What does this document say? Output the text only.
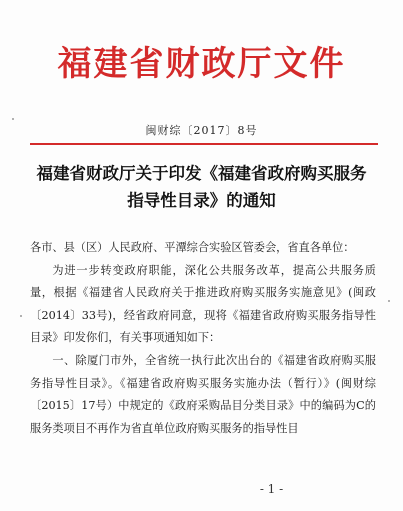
福建省财政厅文件
闽财综〔2017〕8号
福建省财政厅关于印发《福建省政府购买服务
指导性目录》的通知

各市、县（区）人民政府、平潭综合实验区管委会，省直各单位：

为进一步转变政府职能，深化公共服务改革，提高公共服务质量，根据《福建省人民政府关于推进政府购买服务实施意见》(闽政〔2014〕33号)，经省政府同意，现将《福建省政府购买服务指导性目录》印发你们，有关事项通知如下：

一、除厦门市外，全省统一执行此次出台的《福建省政府购买服务指导性目录》。《福建省政府购买服务实施办法（暂行）》(闽财综〔2015〕17号）中规定的《政府采购品目分类目录》中的编码为C的服务类项目不再作为省直单位政府购买服务的指导性目

- 1 -
